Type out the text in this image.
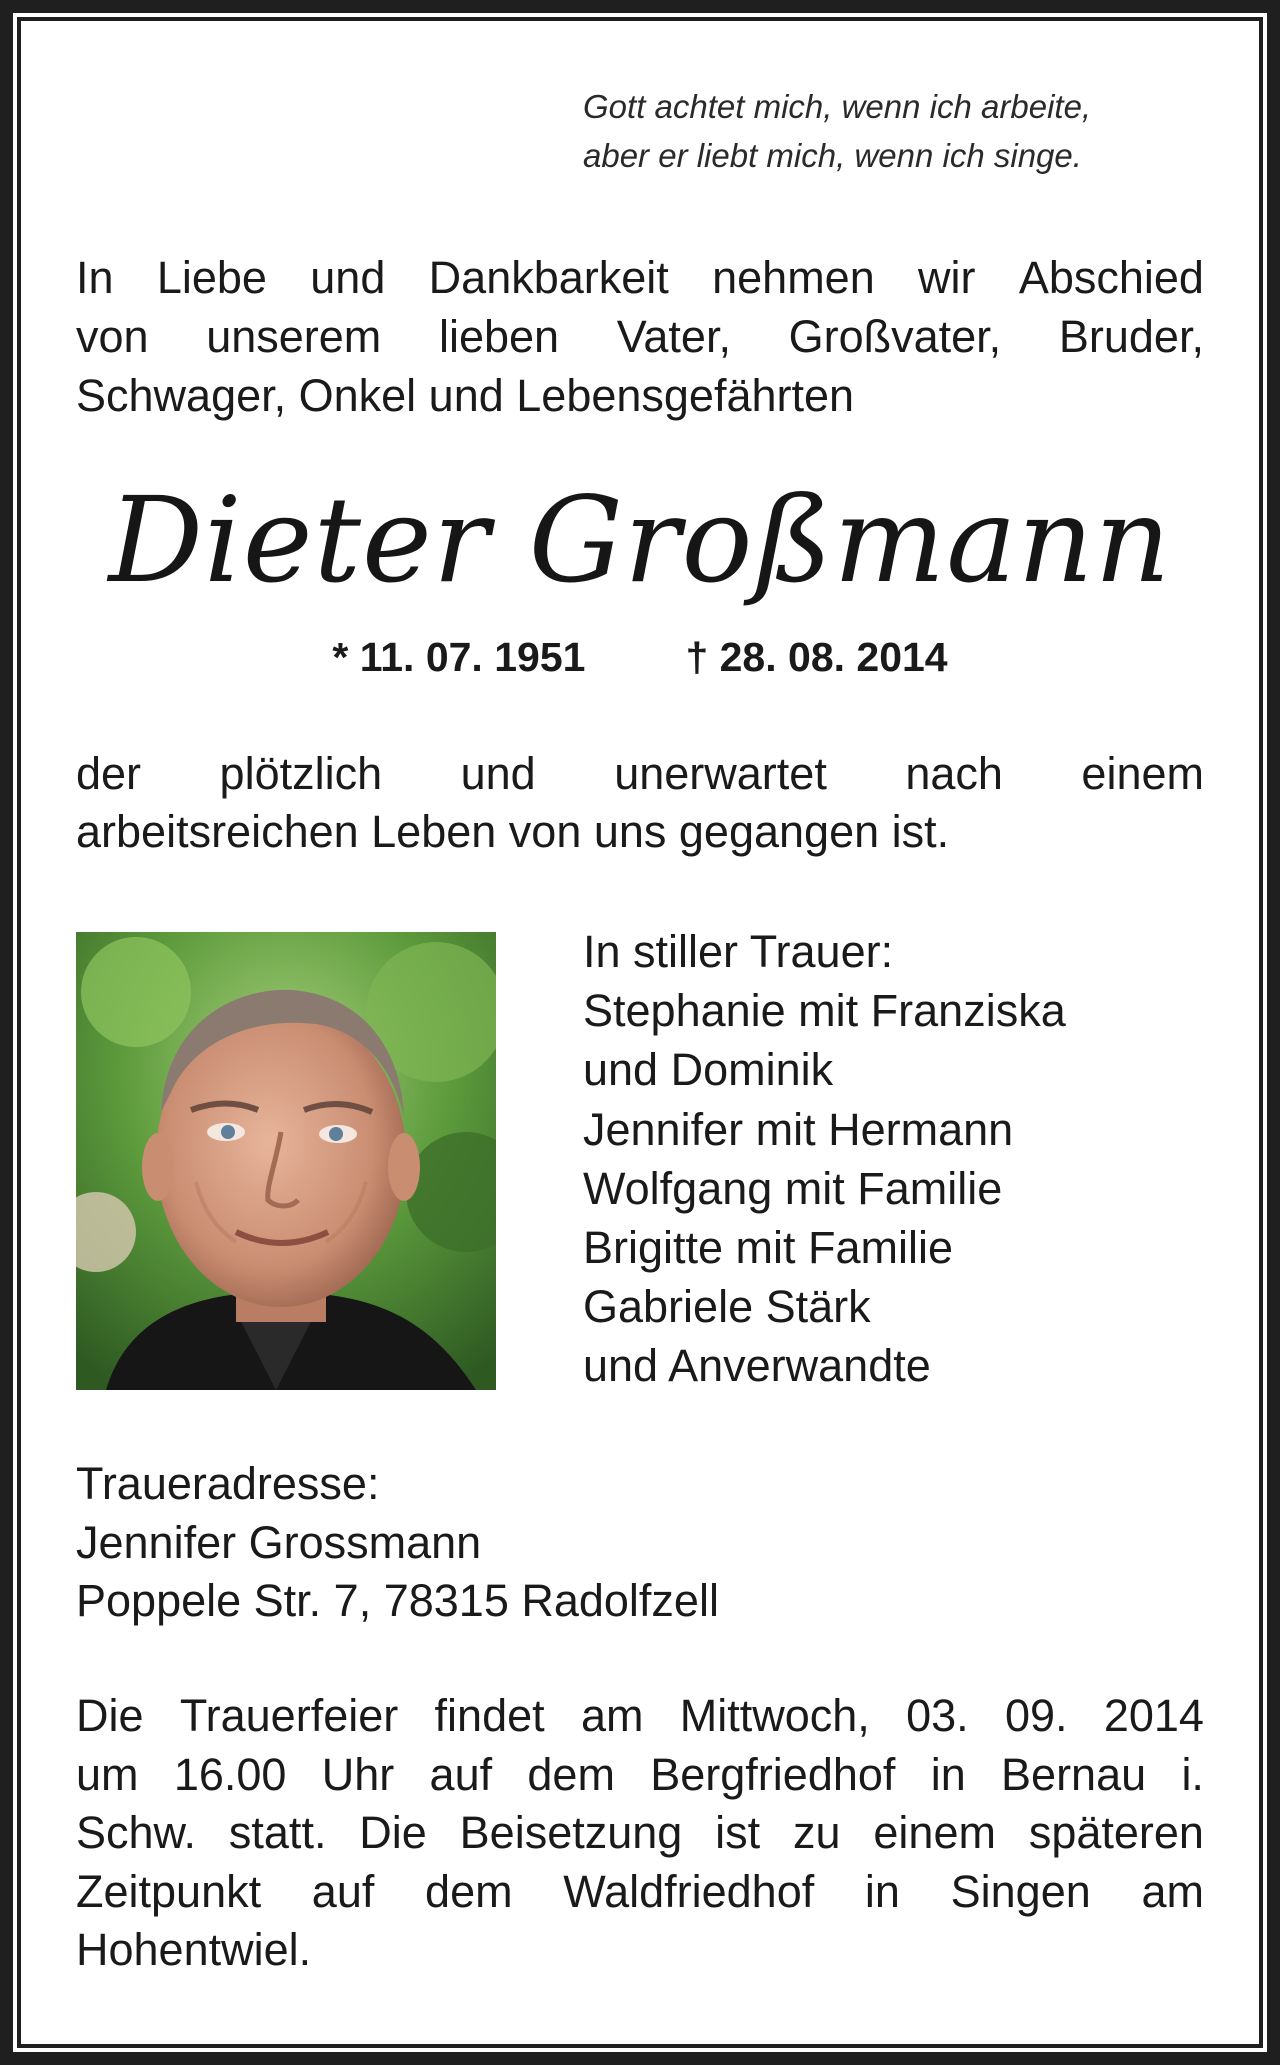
Gott achtet mich, wenn ich arbeite,
aber er liebt mich, wenn ich singe.
In Liebe und Dankbarkeit nehmen wir Abschied
von unserem lieben Vater, Großvater, Bruder,
Schwager, Onkel und Lebensgefährten
Dieter Großmann
* 11. 07. 1951 † 28. 08. 2014
der plötzlich und unerwartet nach einem
arbeitsreichen Leben von uns gegangen ist.
In stiller Trauer:
Stephanie mit Franziska
und Dominik
Jennifer mit Hermann
Wolfgang mit Familie
Brigitte mit Familie
Gabriele Stärk
und Anverwandte
Traueradresse:
Jennifer Grossmann
Poppele Str. 7, 78315 Radolfzell
Die Trauerfeier findet am Mittwoch, 03. 09. 2014
um 16.00 Uhr auf dem Bergfriedhof in Bernau i.
Schw. statt. Die Beisetzung ist zu einem späteren
Zeitpunkt auf dem Waldfriedhof in Singen am
Hohentwiel.
